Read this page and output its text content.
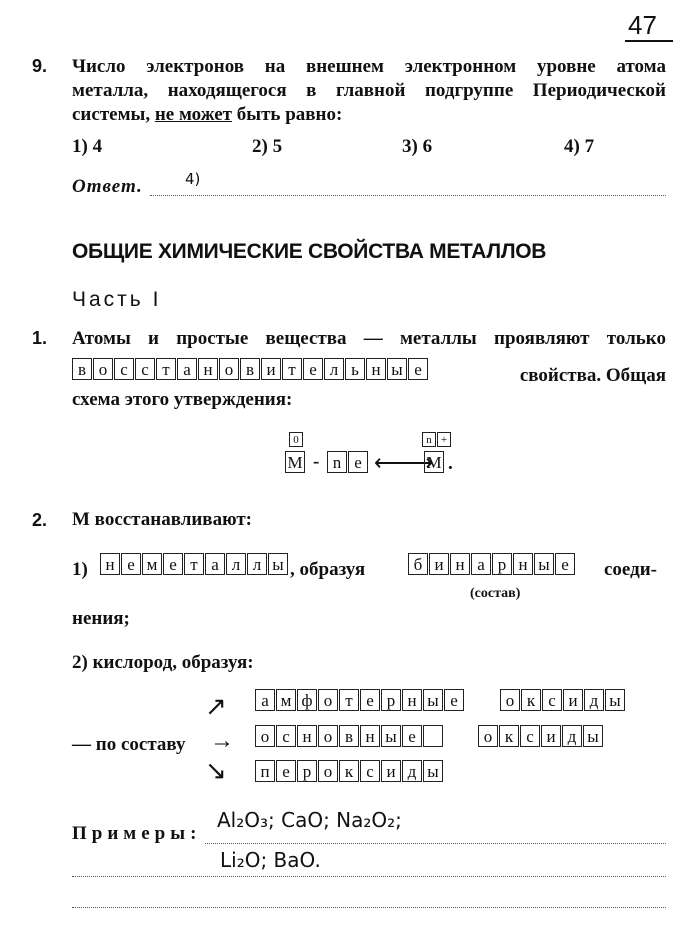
47
9. Число электронов на внешнем электронном уровне атома
металла, находящегося в главной подгруппе Периодической
системы, не может быть равно:
1) 4	2) 5	3) 6	4) 7
Ответ.	4)
ОБЩИЕ ХИМИЧЕСКИЕ СВОЙСТВА МЕТАЛЛОВ
Часть I
1. Атомы и простые вещества — металлы проявляют только
в о с с т а н о в и т е л ь н ы е	свойства. Общая
схема этого утверждения:
0
M - n e ⟵⟶
n +
M .
2. М восстанавливают:
1)	н е м е т а л л ы , образуя	б и н а р н ы е	соеди-
(состав)
нения;
2) кислород, образуя:
↗
→
↘
— по составу
а м ф о т е р н ы е	о к с и д ы
о с н о в н ы е	о к с и д ы
п е р о к с и д ы
Примеры:
Al₂O₃; CaO; Na₂O₂;
Li₂O; BaO.
